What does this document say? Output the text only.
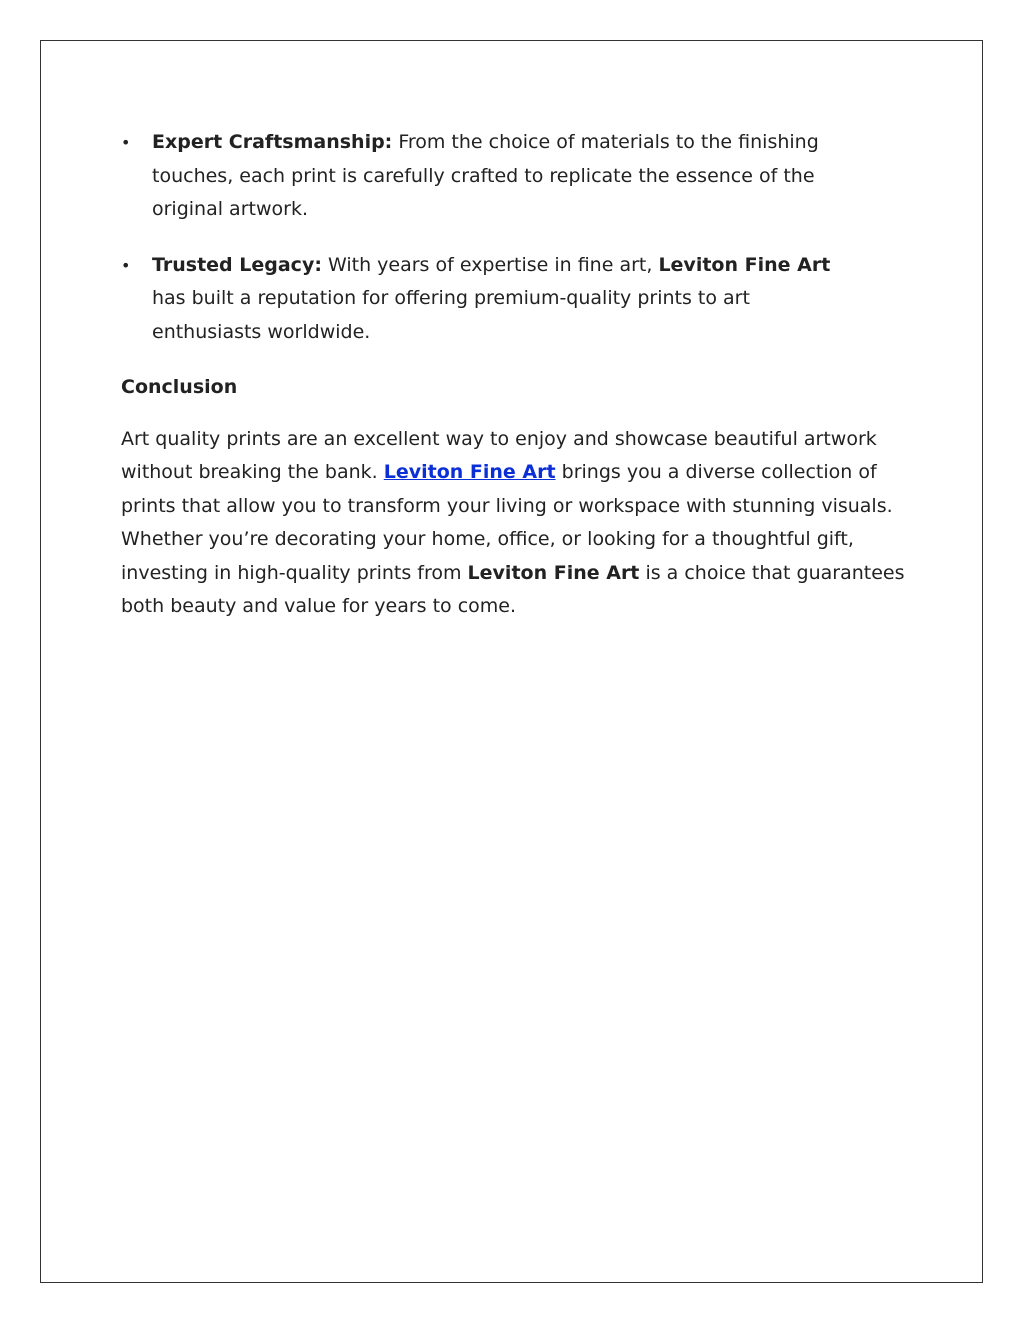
• Expert Craftsmanship: From the choice of materials to the finishing touches, each print is carefully crafted to replicate the essence of the original artwork.
• Trusted Legacy: With years of expertise in fine art, Leviton Fine Art has built a reputation for offering premium-quality prints to art enthusiasts worldwide.
Conclusion

Art quality prints are an excellent way to enjoy and showcase beautiful artwork without breaking the bank. Leviton Fine Art brings you a diverse collection of prints that allow you to transform your living or workspace with stunning visuals. Whether you’re decorating your home, office, or looking for a thoughtful gift, investing in high-quality prints from Leviton Fine Art is a choice that guarantees both beauty and value for years to come.
